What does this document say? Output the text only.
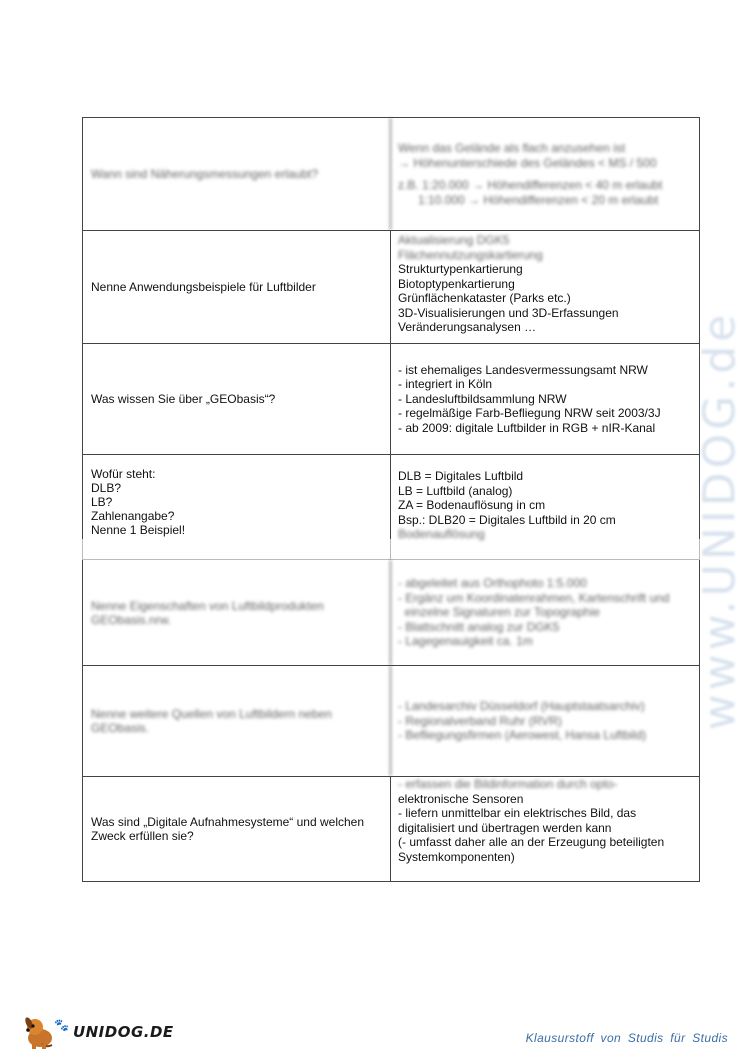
Wann sind Näherungsmessungen erlaubt?
Wenn das Gelände als flach anzusehen ist
→ Höhenunterschiede des Geländes < MS / 500
z.B. 1:20.000 → Höhendifferenzen < 40 m erlaubt
1:10.000 → Höhendifferenzen < 20 m erlaubt
Nenne Anwendungsbeispiele für Luftbilder
Aktualisierung DGK5
Flächennutzungskartierung
Strukturtypenkartierung
Biotoptypenkartierung
Grünflächenkataster (Parks etc.)
3D-Visualisierungen und 3D-Erfassungen
Veränderungsanalysen …
Was wissen Sie über „GEObasis“?
- ist ehemaliges Landesvermessungsamt NRW
- integriert in Köln
- Landesluftbildsammlung NRW
- regelmäßige Farb-Befliegung NRW seit 2003/3J
- ab 2009: digitale Luftbilder in RGB + nIR-Kanal
Wofür steht:
DLB?
LB?
Zahlenangabe?
Nenne 1 Beispiel!
DLB = Digitales Luftbild
LB = Luftbild (analog)
ZA = Bodenauflösung in cm
Bsp.: DLB20 = Digitales Luftbild in 20 cm
Bodenauflösung
Nenne Eigenschaften von Luftbildprodukten GEObasis.nrw.
- abgeleitet aus Orthophoto 1:5.000
- Ergänz um Koordinatenrahmen, Kartenschrift und
einzelne Signaturen zur Topographie
- Blattschnitt analog zur DGK5
- Lagegenauigkeit ca. 1m
Nenne weitere Quellen von Luftbildern neben GEObasis.
- Landesarchiv Düsseldorf (Hauptstaatsarchiv)
- Regionalverband Ruhr (RVR)
- Befliegungsfirmen (Aerowest, Hansa Luftbild)
Was sind „Digitale Aufnahmesysteme“ und welchen Zweck erfüllen sie?
- erfassen die Bildinformation durch opto-
elektronische Sensoren
- liefern unmittelbar ein elektrisches Bild, das
digitalisiert und übertragen werden kann
(- umfasst daher alle an der Erzeugung beteiligten
Systemkomponenten)
www.UNIDOG.de
🐾 UNIDOG.DE	Klausurstoff von Studis für Studis
